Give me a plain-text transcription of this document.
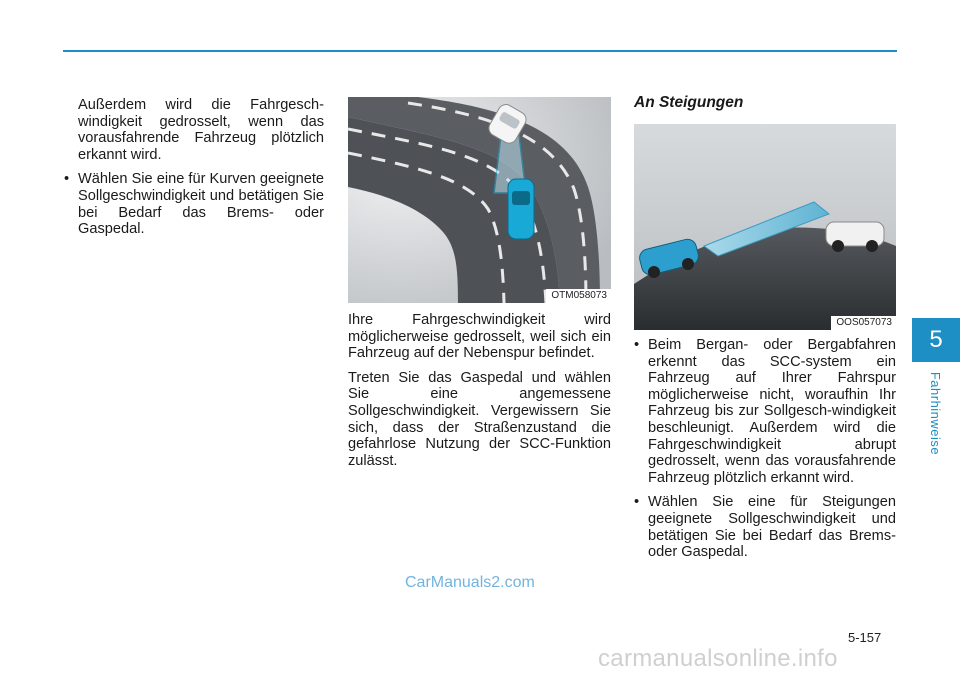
Außerdem wird die Fahrgesch-windigkeit gedrosselt, wenn das vorausfahrende Fahrzeug plötzlich erkannt wird.

• Wählen Sie eine für Kurven geeignete Sollgeschwindigkeit und betätigen Sie bei Bedarf das Brems- oder Gaspedal.
OTM058073

Ihre Fahrgeschwindigkeit wird möglicherweise gedrosselt, weil sich ein Fahrzeug auf der Nebenspur befindet.

Treten Sie das Gaspedal und wählen Sie eine angemessene Sollgeschwindigkeit. Vergewissern Sie sich, dass der Straßenzustand die gefahrlose Nutzung der SCC-Funktion zulässt.

An Steigungen
OOS057073
• Beim Bergan- oder Bergabfahren erkennt das SCC-system ein Fahrzeug auf Ihrer Fahrspur möglicherweise nicht, woraufhin Ihr Fahrzeug bis zur Sollgesch-windigkeit beschleunigt. Außerdem wird die Fahrgeschwindigkeit abrupt gedrosselt, wenn das vorausfahrende Fahrzeug plötzlich erkannt wird.
• Wählen Sie eine für Steigungen geeignete Sollgeschwindigkeit und betätigen Sie bei Bedarf das Brems- oder Gaspedal.
5
Fahrhinweise
5-157
CarManuals2.com
carmanualsonline.info
